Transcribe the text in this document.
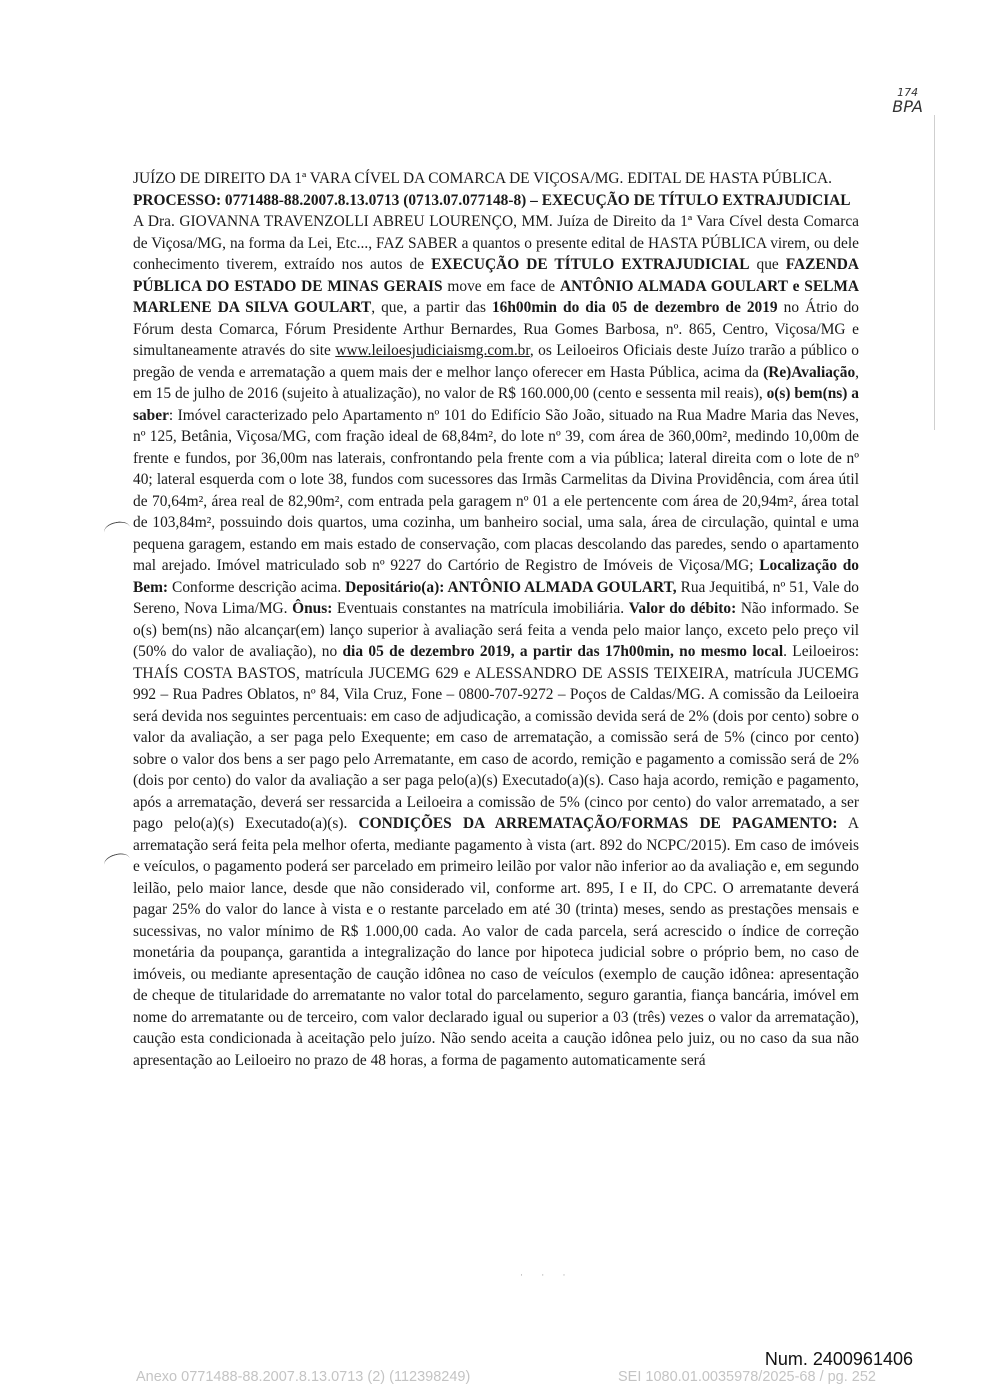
174
BPA

JUÍZO DE DIREITO DA 1ª VARA CÍVEL DA COMARCA DE VIÇOSA/MG. EDITAL DE HASTA PÚBLICA.

PROCESSO: 0771488-88.2007.8.13.0713 (0713.07.077148-8) – EXECUÇÃO DE TÍTULO EXTRAJUDICIAL

A Dra. GIOVANNA TRAVENZOLLI ABREU LOURENÇO, MM. Juíza de Direito da 1ª Vara Cível desta Comarca de Viçosa/MG, na forma da Lei, Etc..., FAZ SABER a quantos o presente edital de HASTA PÚBLICA virem, ou dele conhecimento tiverem, extraído nos autos de EXECUÇÃO DE TÍTULO EXTRAJUDICIAL que FAZENDA PÚBLICA DO ESTADO DE MINAS GERAIS move em face de ANTÔNIO ALMADA GOULART e SELMA MARLENE DA SILVA GOULART, que, a partir das 16h00min do dia 05 de dezembro de 2019 no Átrio do Fórum desta Comarca, Fórum Presidente Arthur Bernardes, Rua Gomes Barbosa, nº. 865, Centro, Viçosa/MG e simultaneamente através do site www.leiloesjudiciaismg.com.br, os Leiloeiros Oficiais deste Juízo trarão a público o pregão de venda e arrematação a quem mais der e melhor lanço oferecer em Hasta Pública, acima da (Re)Avaliação, em 15 de julho de 2016 (sujeito à atualização), no valor de R$ 160.000,00 (cento e sessenta mil reais), o(s) bem(ns) a saber: Imóvel caracterizado pelo Apartamento nº 101 do Edifício São João, situado na Rua Madre Maria das Neves, nº 125, Betânia, Viçosa/MG, com fração ideal de 68,84m², do lote nº 39, com área de 360,00m², medindo 10,00m de frente e fundos, por 36,00m nas laterais, confrontando pela frente com a via pública; lateral direita com o lote de nº 40; lateral esquerda com o lote 38, fundos com sucessores das Irmãs Carmelitas da Divina Providência, com área útil de 70,64m², área real de 82,90m², com entrada pela garagem nº 01 a ele pertencente com área de 20,94m², área total de 103,84m², possuindo dois quartos, uma cozinha, um banheiro social, uma sala, área de circulação, quintal e uma pequena garagem, estando em mais estado de conservação, com placas descolando das paredes, sendo o apartamento mal arejado. Imóvel matriculado sob nº 9227 do Cartório de Registro de Imóveis de Viçosa/MG; Localização do Bem: Conforme descrição acima. Depositário(a): ANTÔNIO ALMADA GOULART, Rua Jequitibá, nº 51, Vale do Sereno, Nova Lima/MG. Ônus: Eventuais constantes na matrícula imobiliária. Valor do débito: Não informado. Se o(s) bem(ns) não alcançar(em) lanço superior à avaliação será feita a venda pelo maior lanço, exceto pelo preço vil (50% do valor de avaliação), no dia 05 de dezembro 2019, a partir das 17h00min, no mesmo local. Leiloeiros: THAÍS COSTA BASTOS, matrícula JUCEMG 629 e ALESSANDRO DE ASSIS TEIXEIRA, matrícula JUCEMG 992 – Rua Padres Oblatos, nº 84, Vila Cruz, Fone – 0800-707-9272 – Poços de Caldas/MG. A comissão da Leiloeira será devida nos seguintes percentuais: em caso de adjudicação, a comissão devida será de 2% (dois por cento) sobre o valor da avaliação, a ser paga pelo Exequente; em caso de arrematação, a comissão será de 5% (cinco por cento) sobre o valor dos bens a ser pago pelo Arrematante, em caso de acordo, remição e pagamento a comissão será de 2% (dois por cento) do valor da avaliação a ser paga pelo(a)(s) Executado(a)(s). Caso haja acordo, remição e pagamento, após a arrematação, deverá ser ressarcida a Leiloeira a comissão de 5% (cinco por cento) do valor arrematado, a ser pago pelo(a)(s) Executado(a)(s). CONDIÇÕES DA ARREMATAÇÃO/FORMAS DE PAGAMENTO: A arrematação será feita pela melhor oferta, mediante pagamento à vista (art. 892 do NCPC/2015). Em caso de imóveis e veículos, o pagamento poderá ser parcelado em primeiro leilão por valor não inferior ao da avaliação e, em segundo leilão, pelo maior lance, desde que não considerado vil, conforme art. 895, I e II, do CPC. O arrematante deverá pagar 25% do valor do lance à vista e o restante parcelado em até 30 (trinta) meses, sendo as prestações mensais e sucessivas, no valor mínimo de R$ 1.000,00 cada. Ao valor de cada parcela, será acrescido o índice de correção monetária da poupança, garantida a integralização do lance por hipoteca judicial sobre o próprio bem, no caso de imóveis, ou mediante apresentação de caução idônea no caso de veículos (exemplo de caução idônea: apresentação de cheque de titularidade do arrematante no valor total do parcelamento, seguro garantia, fiança bancária, imóvel em nome do arrematante ou de terceiro, com valor declarado igual ou superior a 03 (três) vezes o valor da arrematação), caução esta condicionada à aceitação pelo juízo. Não sendo aceita a caução idônea pelo juiz, ou no caso da sua não apresentação ao Leiloeiro no prazo de 48 horas, a forma de pagamento automaticamente será

· · ·
Num. 2400961406
Anexo 0771488-88.2007.8.13.0713 (2) (112398249)	SEI 1080.01.0035978/2025-68 / pg. 252
